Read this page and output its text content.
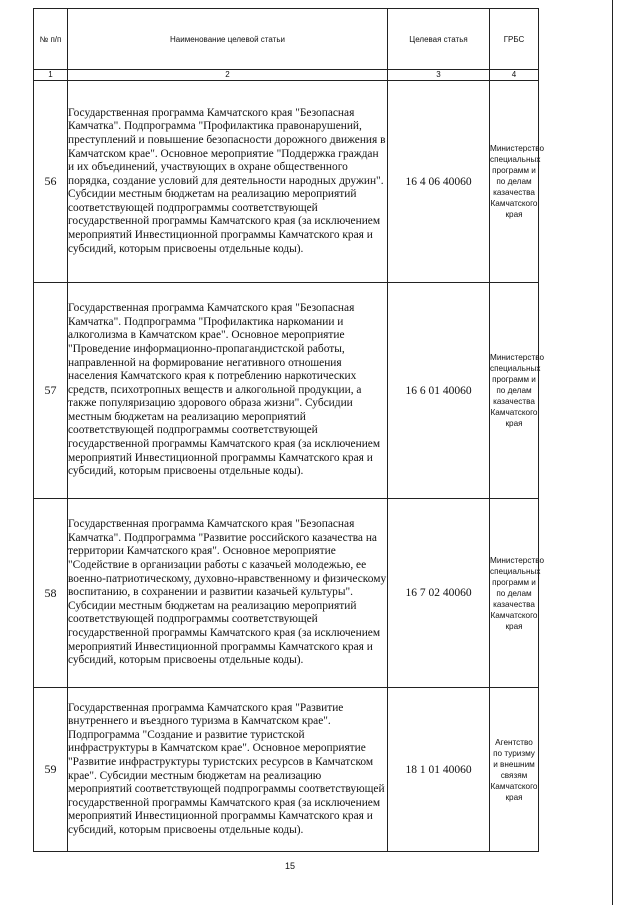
№ п/п	Наименование целевой статьи	Целевая статья	ГРБС
1	2	3	4
56	Государственная программа Камчатского края "Безопасная Камчатка". Подпрограмма "Профилактика правонарушений, преступлений и повышение безопасности дорожного движения в Камчатском крае". Основное мероприятие "Поддержка граждан и их объединений, участвующих в охране общественного порядка, создание условий для деятельности народных дружин". Субсидии местным бюджетам на реализацию мероприятий соответствующей подпрограммы соответствующей государственной программы Камчатского края (за исключением мероприятий Инвестиционной программы Камчатского края и субсидий, которым присвоены отдельные коды).	16 4 06 40060	Министерство специальных программ и по делам казачества Камчатского края
57	Государственная программа Камчатского края "Безопасная Камчатка". Подпрограмма "Профилактика наркомании и алкоголизма в Камчатском крае". Основное мероприятие "Проведение информационно-пропагандистской работы, направленной на формирование негативного отношения населения Камчатского края к потреблению наркотических средств, психотропных веществ и алкогольной продукции, а также популяризацию здорового образа жизни". Субсидии местным бюджетам на реализацию мероприятий соответствующей подпрограммы соответствующей государственной программы Камчатского края (за исключением мероприятий Инвестиционной программы Камчатского края и субсидий, которым присвоены отдельные коды).	16 6 01 40060	Министерство специальных программ и по делам казачества Камчатского края
58	Государственная программа Камчатского края "Безопасная Камчатка". Подпрограмма "Развитие российского казачества на территории Камчатского края". Основное мероприятие "Содействие в организации работы с казачьей молодежью, ее военно-патриотическому, духовно-нравственному и физическому воспитанию, в сохранении и развитии казачьей культуры". Субсидии местным бюджетам на реализацию мероприятий соответствующей подпрограммы соответствующей государственной программы Камчатского края (за исключением мероприятий Инвестиционной программы Камчатского края и субсидий, которым присвоены отдельные коды).	16 7 02 40060	Министерство специальных программ и по делам казачества Камчатского края
59	Государственная программа Камчатского края "Развитие внутреннего и въездного туризма в Камчатском крае". Подпрограмма "Создание и развитие туристской инфраструктуры в Камчатском крае". Основное мероприятие "Развитие инфраструктуры туристских ресурсов в Камчатском крае". Субсидии местным бюджетам на реализацию мероприятий соответствующей подпрограммы соответствующей государственной программы Камчатского края (за исключением мероприятий Инвестиционной программы Камчатского края и субсидий, которым присвоены отдельные коды).	18 1 01 40060	Агентство по туризму и внешним связям Камчатского края
15
